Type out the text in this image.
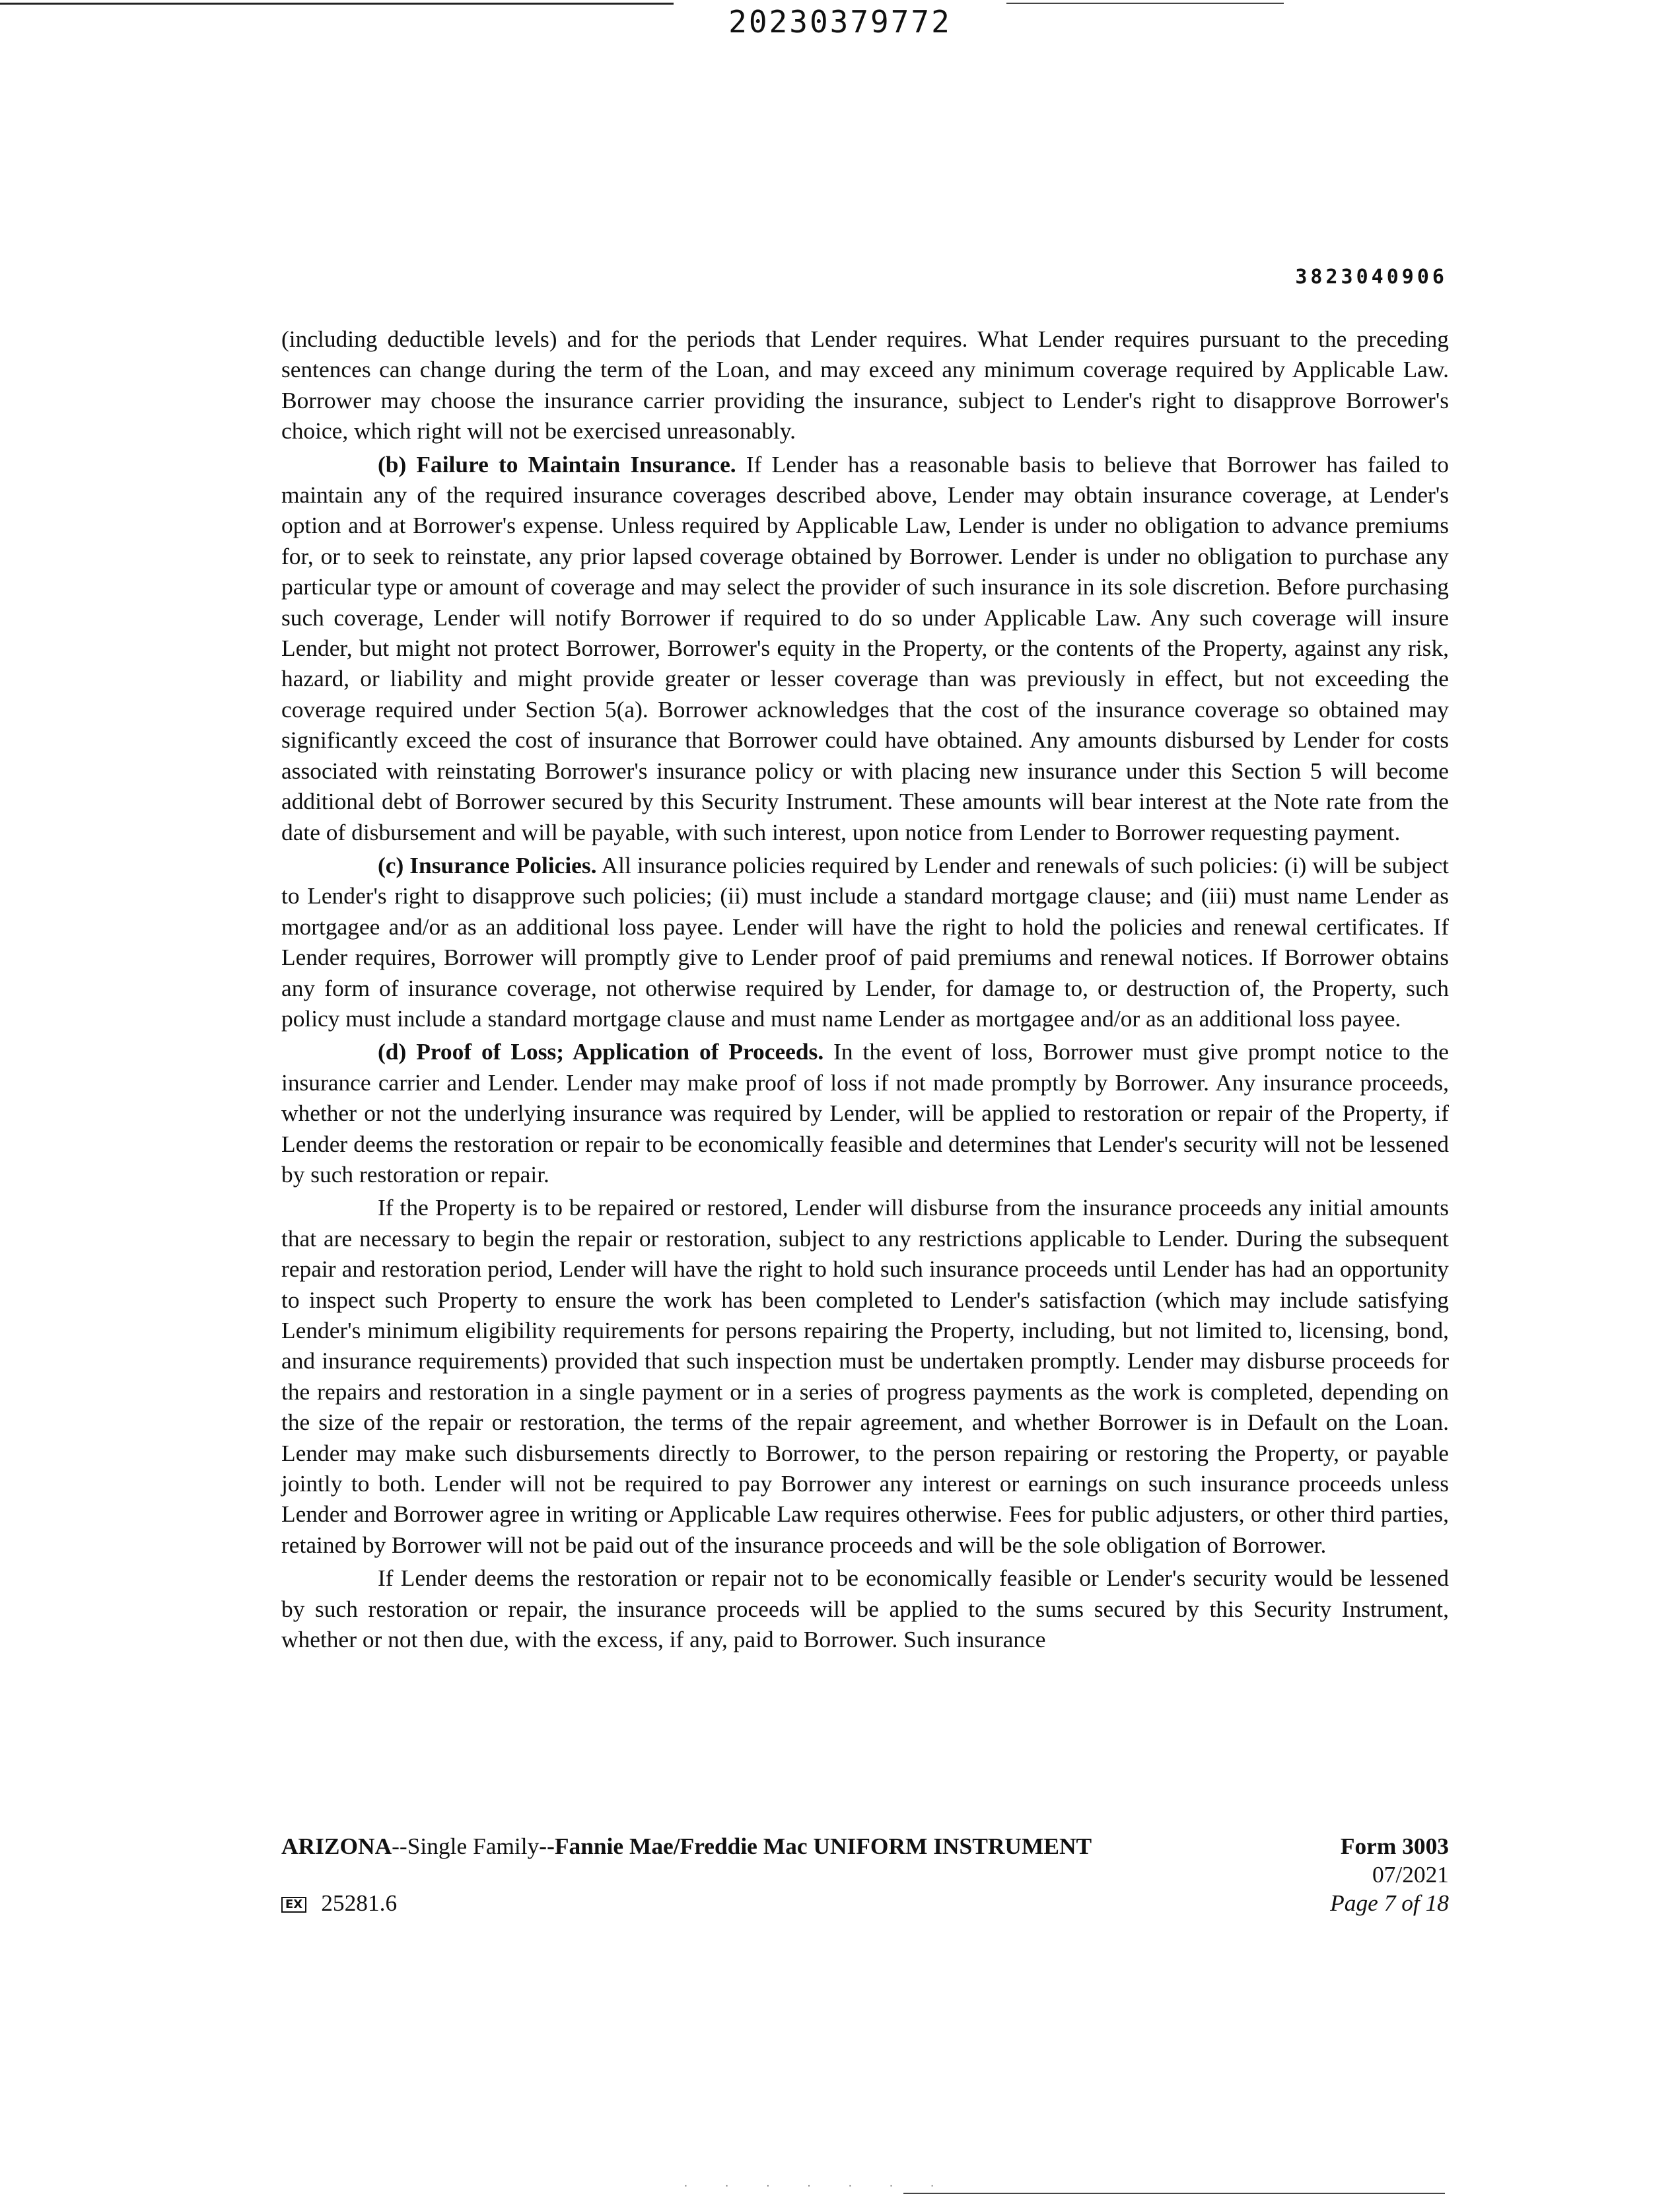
20230379772
3823040906

(including deductible levels) and for the periods that Lender requires. What Lender requires pursuant to the preceding sentences can change during the term of the Loan, and may exceed any minimum coverage required by Applicable Law. Borrower may choose the insurance carrier providing the insurance, subject to Lender's right to disapprove Borrower's choice, which right will not be exercised unreasonably.

(b) Failure to Maintain Insurance. If Lender has a reasonable basis to believe that Borrower has failed to maintain any of the required insurance coverages described above, Lender may obtain insurance coverage, at Lender's option and at Borrower's expense. Unless required by Applicable Law, Lender is under no obligation to advance premiums for, or to seek to reinstate, any prior lapsed coverage obtained by Borrower. Lender is under no obligation to purchase any particular type or amount of coverage and may select the provider of such insurance in its sole discretion. Before purchasing such coverage, Lender will notify Borrower if required to do so under Applicable Law. Any such coverage will insure Lender, but might not protect Borrower, Borrower's equity in the Property, or the contents of the Property, against any risk, hazard, or liability and might provide greater or lesser coverage than was previously in effect, but not exceeding the coverage required under Section 5(a). Borrower acknowledges that the cost of the insurance coverage so obtained may significantly exceed the cost of insurance that Borrower could have obtained. Any amounts disbursed by Lender for costs associated with reinstating Borrower's insurance policy or with placing new insurance under this Section 5 will become additional debt of Borrower secured by this Security Instrument. These amounts will bear interest at the Note rate from the date of disbursement and will be payable, with such interest, upon notice from Lender to Borrower requesting payment.

(c) Insurance Policies. All insurance policies required by Lender and renewals of such policies: (i) will be subject to Lender's right to disapprove such policies; (ii) must include a standard mortgage clause; and (iii) must name Lender as mortgagee and/or as an additional loss payee. Lender will have the right to hold the policies and renewal certificates. If Lender requires, Borrower will promptly give to Lender proof of paid premiums and renewal notices. If Borrower obtains any form of insurance coverage, not otherwise required by Lender, for damage to, or destruction of, the Property, such policy must include a standard mortgage clause and must name Lender as mortgagee and/or as an additional loss payee.

(d) Proof of Loss; Application of Proceeds. In the event of loss, Borrower must give prompt notice to the insurance carrier and Lender. Lender may make proof of loss if not made promptly by Borrower. Any insurance proceeds, whether or not the underlying insurance was required by Lender, will be applied to restoration or repair of the Property, if Lender deems the restoration or repair to be economically feasible and determines that Lender's security will not be lessened by such restoration or repair.

If the Property is to be repaired or restored, Lender will disburse from the insurance proceeds any initial amounts that are necessary to begin the repair or restoration, subject to any restrictions applicable to Lender. During the subsequent repair and restoration period, Lender will have the right to hold such insurance proceeds until Lender has had an opportunity to inspect such Property to ensure the work has been completed to Lender's satisfaction (which may include satisfying Lender's minimum eligibility requirements for persons repairing the Property, including, but not limited to, licensing, bond, and insurance requirements) provided that such inspection must be undertaken promptly. Lender may disburse proceeds for the repairs and restoration in a single payment or in a series of progress payments as the work is completed, depending on the size of the repair or restoration, the terms of the repair agreement, and whether Borrower is in Default on the Loan. Lender may make such disbursements directly to Borrower, to the person repairing or restoring the Property, or payable jointly to both. Lender will not be required to pay Borrower any interest or earnings on such insurance proceeds unless Lender and Borrower agree in writing or Applicable Law requires otherwise. Fees for public adjusters, or other third parties, retained by Borrower will not be paid out of the insurance proceeds and will be the sole obligation of Borrower.

If Lender deems the restoration or repair not to be economically feasible or Lender's security would be lessened by such restoration or repair, the insurance proceeds will be applied to the sums secured by this Security Instrument, whether or not then due, with the excess, if any, paid to Borrower. Such insurance

ARIZONA--Single Family--Fannie Mae/Freddie Mac UNIFORM INSTRUMENT	Form 3003
07/2021
EX 25281.6	Page 7 of 18
· · · · · · ·
